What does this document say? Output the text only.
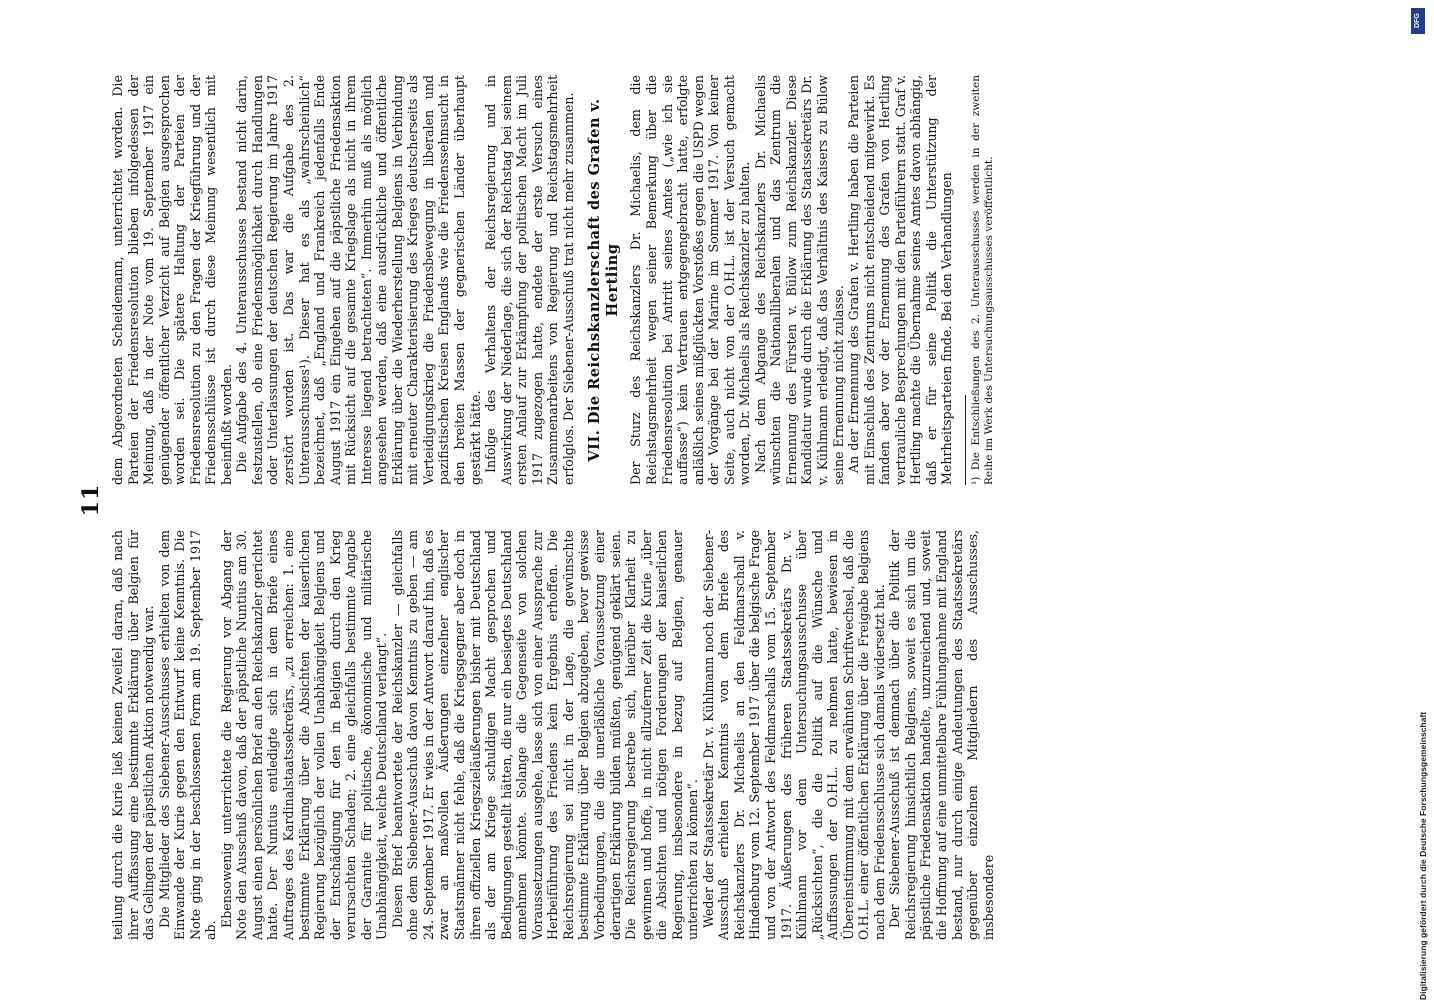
11

teilung durch die Kurie ließ keinen Zweifel daran, daß nach ihrer Auffassung eine bestimmte Erklärung über Belgien für das Gelingen der päpstlichen Aktion notwendig war. Die Mitglieder des Siebener-Ausschusses erhielten von dem Einwande der Kurie gegen den Entwurf keine Kenntnis. Die Note ging in der beschlossenen Form am 19. September 1917 ab.

Ebensowenig unterrichtete die Regierung vor Abgang der Note den Ausschuß davon, daß der päpstliche Nuntius am 30. August einen persönlichen Brief an den Reichskanzler gerichtet hatte. Der Nuntius entledigte sich in dem Briefe eines Auftrages des Kardinalstaatssekretärs, „zu erreichen: 1. eine bestimmte Erklärung über die Absichten der kaiserlichen Regierung bezüglich der vollen Unabhängigkeit Belgiens und der Entschädigung für den in Belgien durch den Krieg verursachten Schaden; 2. eine gleichfalls bestimmte Angabe der Garantie für politische, ökonomische und militärische Unabhängigkeit, welche Deutschland verlangt“. Diesen Brief beantwortete der Reichskanzler — gleichfalls ohne dem Siebener-Ausschuß davon Kenntnis zu geben — am 24. September 1917. Er wies in der Antwort darauf hin, daß es zwar an maßvollen Äußerungen einzelner englischer Staatsmänner nicht fehle, daß die Kriegsgegner aber doch in ihren offiziellen Kriegszieläußerungen bisher mit Deutschland als der am Kriege schuldigen Macht gesprochen und Bedingungen gestellt hätten, die nur ein besiegtes Deutschland annehmen könnte. Solange die Gegenseite von solchen Voraussetzungen ausgehe, lasse sich von einer Aussprache zur Herbeiführung des Friedens kein Ergebnis erhoffen. Die Reichsregierung sei nicht in der Lage, die gewünschte bestimmte Erklärung über Belgien abzugeben, bevor gewisse Vorbedingungen, die die unerläßliche Voraussetzung einer derartigen Erklärung bilden müßten, genügend geklärt seien. Die Reichsregierung bestrebe sich, hierüber Klarheit zu gewinnen und hoffe, in nicht allzuferner Zeit die Kurie „über die Absichten und nötigen Forderungen der kaiserlichen Regierung, insbesondere in bezug auf Belgien, genauer unterrichten zu können“. Weder der Staatssekretär Dr. v. Kühlmann noch der Siebener-Ausschuß erhielten Kenntnis von dem Briefe des Reichskanzlers Dr. Michaelis an den Feldmarschall v. Hindenburg vom 12. September 1917 über die belgische Frage und von der Antwort des Feldmarschalls vom 15. September 1917. Äußerungen des früheren Staatssekretärs Dr. v. Kühlmann vor dem Untersuchungsausschusse über „Rücksichten“, die die Politik auf die Wünsche und Auffassungen der O.H.L. zu nehmen hatte, bewiesen in Übereinstimmung mit dem erwähnten Schriftwechsel, daß die O.H.L. einer öffentlichen Erklärung über die Freigabe Belgiens nach dem Friedensschlusse sich damals widersetzt hat. Der Siebener-Ausschuß ist demnach über die Politik der Reichsregierung hinsichtlich Belgiens, soweit es sich um die päpstliche Friedensaktion handelte, unzureichend und, soweit die Hoffnung auf eine unmittelbare Fühlungnahme mit England bestand, nur durch einige Andeutungen des Staatssekretärs gegenüber einzelnen Mitgliedern des Ausschusses, insbesondere

dem Abgeordneten Scheidemann, unterrichtet worden. Die Parteien der Friedensresolution blieben infolgedessen der Meinung, daß in der Note vom 19. September 1917 ein genügender öffentlicher Verzicht auf Belgien ausgesprochen worden sei. Die spätere Haltung der Parteien der Friedensresolution zu den Fragen der Kriegführung und der Friedensschlüsse ist durch diese Meinung wesentlich mit beeinflußt worden. Die Aufgabe des 4. Unterausschusses bestand nicht darin, festzustellen, ob eine Friedensmöglichkeit durch Handlungen oder Unterlassungen der deutschen Regierung im Jahre 1917 zerstört worden ist. Das war die Aufgabe des 2. Unterausschusses¹). Dieser hat es als „wahrscheinlich“ bezeichnet, daß „England und Frankreich jedenfalls Ende August 1917 ein Eingehen auf die päpstliche Friedensaktion mit Rücksicht auf die gesamte Kriegslage als nicht in ihrem Interesse liegend betrachteten“. Immerhin muß als möglich angesehen werden, daß eine ausdrückliche und öffentliche Erklärung über die Wiederherstellung Belgiens in Verbindung mit erneuter Charakterisierung des Krieges deutscherseits als Verteidigungskrieg die Friedensbewegung in liberalen und pazifistischen Kreisen Englands wie die Friedenssehnsucht in den breiten Massen der gegnerischen Länder überhaupt gestärkt hätte. Infolge des Verhaltens der Reichsregierung und in Auswirkung der Niederlage, die sich der Reichstag bei seinem ersten Anlauf zur Erkämpfung der politischen Macht im Juli 1917 zugezogen hatte, endete der erste Versuch eines Zusammenarbeitens von Regierung und Reichstagsmehrheit erfolglos. Der Siebener-Ausschuß trat nicht mehr zusammen. VII. Die Reichskanzlerschaft des Grafen v. Hertling Der Sturz des Reichskanzlers Dr. Michaelis, dem die Reichstagsmehrheit wegen seiner Bemerkung über die Friedensresolution bei Antritt seines Amtes („wie ich sie auffasse“) kein Vertrauen entgegengebracht hatte, erfolgte anläßlich seines mißglückten Vorstoßes gegen die USPD wegen der Vorgänge bei der Marine im Sommer 1917. Von keiner Seite, auch nicht von der O.H.L. ist der Versuch gemacht worden, Dr. Michaelis als Reichskanzler zu halten. Nach dem Abgange des Reichskanzlers Dr. Michaelis wünschten die Nationalliberalen und das Zentrum die Ernennung des Fürsten v. Bülow zum Reichskanzler. Diese Kandidatur wurde durch die Erklärung des Staatssekretärs Dr. v. Kühlmann erledigt, daß das Verhältnis des Kaisers zu Bülow seine Ernennung nicht zulasse. An der Ernennung des Grafen v. Hertling haben die Parteien mit Einschluß des Zentrums nicht entscheidend mitgewirkt. Es fanden aber vor der Ernennung des Grafen von Hertling vertrauliche Besprechungen mit den Parteiführern statt. Graf v. Hertling machte die Übernahme seines Amtes davon abhängig, daß er für seine Politik die Unterstützung der Mehrheitsparteien finde. Bei den Verhandlungen ¹) Die Entschließungen des 2. Unterausschusses werden in der zweiten Reihe im Werk des Untersuchungsausschusses veröffentlicht.

DFG
Digitalisierung gefördert durch die Deutsche Forschungsgemeinschaft
